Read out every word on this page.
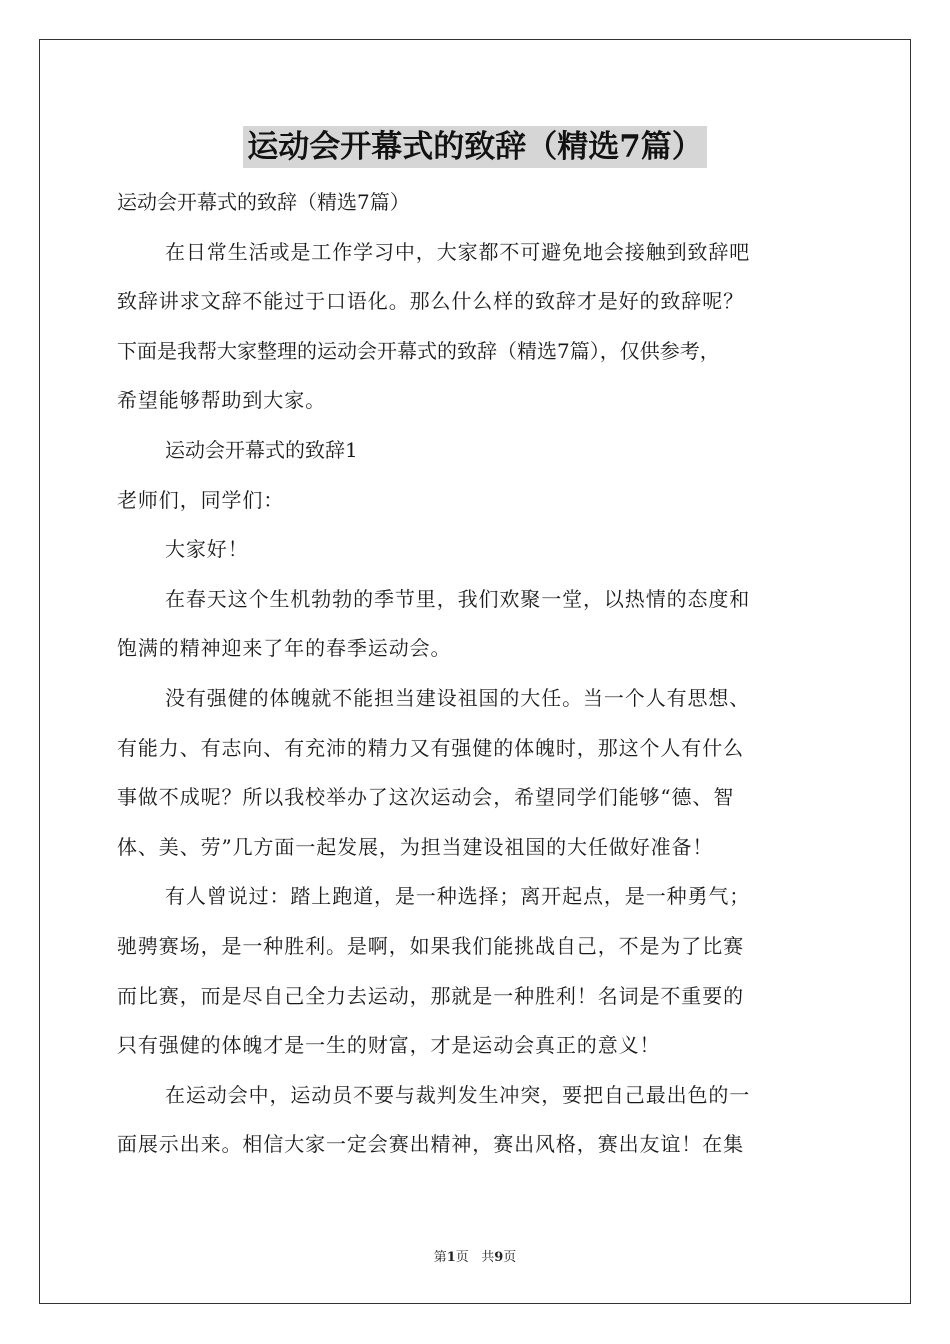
运动会开幕式的致辞（精选7篇）
运动会开幕式的致辞（精选7篇）
在日常生活或是工作学习中，大家都不可避免地会接触到致辞吧
致辞讲求文辞不能过于口语化。那么什么样的致辞才是好的致辞呢？
下面是我帮大家整理的运动会开幕式的致辞（精选7篇），仅供参考，
希望能够帮助到大家。
运动会开幕式的致辞1
老师们，同学们：
大家好！
在春天这个生机勃勃的季节里，我们欢聚一堂，以热情的态度和
饱满的精神迎来了年的春季运动会。
没有强健的体魄就不能担当建设祖国的大任。当一个人有思想、
有能力、有志向、有充沛的精力又有强健的体魄时，那这个人有什么
事做不成呢？所以我校举办了这次运动会，希望同学们能够“德、智
体、美、劳”几方面一起发展，为担当建设祖国的大任做好准备！
有人曾说过：踏上跑道，是一种选择；离开起点，是一种勇气；
驰骋赛场，是一种胜利。是啊，如果我们能挑战自己，不是为了比赛
而比赛，而是尽自己全力去运动，那就是一种胜利！名词是不重要的
只有强健的体魄才是一生的财富，才是运动会真正的意义！
在运动会中，运动员不要与裁判发生冲突，要把自己最出色的一
面展示出来。相信大家一定会赛出精神，赛出风格，赛出友谊！在集
第1页 共9页
